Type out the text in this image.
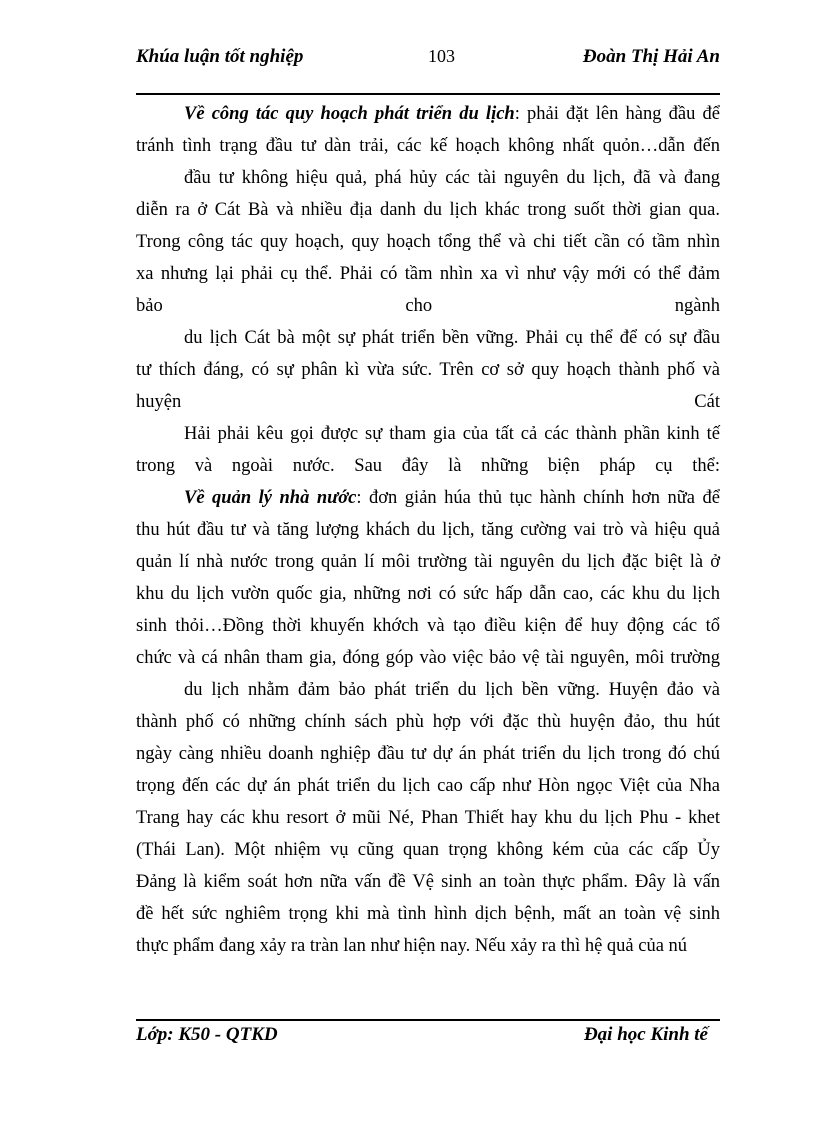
Khúa luận tốt nghiệp	103	Đoàn Thị Hải An
Về công tác quy hoạch phát triển du lịch: phải đặt lên hàng đầu để
tránh tình trạng đầu tư dàn trải, các kế hoạch không nhất quỏn…dẫn đến
đầu tư không hiệu quả, phá hủy các tài nguyên du lịch, đã và đang
diễn ra ở Cát Bà và nhiều địa danh du lịch khác trong suốt thời gian qua.
Trong công tác quy hoạch, quy hoạch tổng thể và chi tiết cần có tầm nhìn
xa nhưng lại phải cụ thể. Phải có tầm nhìn xa vì như vậy mới có thể đảm
bảo cho ngành
du lịch Cát bà một sự phát triển bền vững. Phải cụ thể để có sự đầu
tư thích đáng, có sự phân kì vừa sức. Trên cơ sở quy hoạch thành phố và
huyện Cát
Hải phải kêu gọi được sự tham gia của tất cả các thành phần kinh tế
trong và ngoài nước. Sau đây là những biện pháp cụ thể:
Về quản lý nhà nước: đơn giản húa thủ tục hành chính hơn nữa để
thu hút đầu tư và tăng lượng khách du lịch, tăng cường vai trò và hiệu quả
quản lí nhà nước trong quản lí môi trường tài nguyên du lịch đặc biệt là ở
khu du lịch vườn quốc gia, những nơi có sức hấp dẫn cao, các khu du lịch
sinh thỏi…Đồng thời khuyến khớch và tạo điều kiện để huy động các tổ
chức và cá nhân tham gia, đóng góp vào việc bảo vệ tài nguyên, môi trường
du lịch nhằm đảm bảo phát triển du lịch bền vững. Huyện đảo và
thành phố có những chính sách phù hợp với đặc thù huyện đảo, thu hút
ngày càng nhiều doanh nghiệp đầu tư dự án phát triển du lịch trong đó chú
trọng đến các dự án phát triển du lịch cao cấp như Hòn ngọc Việt của Nha
Trang hay các khu resort ở mũi Né, Phan Thiết hay khu du lịch Phu - khet
(Thái Lan). Một nhiệm vụ cũng quan trọng không kém của các cấp Ủy
Đảng là kiểm soát hơn nữa vấn đề Vệ sinh an toàn thực phẩm. Đây là vấn
đề hết sức nghiêm trọng khi mà tình hình dịch bệnh, mất an toàn vệ sinh
thực phẩm đang xảy ra tràn lan như hiện nay. Nếu xảy ra thì hệ quả của nú
Lớp: K50 - QTKD	Đại học Kinh tế
